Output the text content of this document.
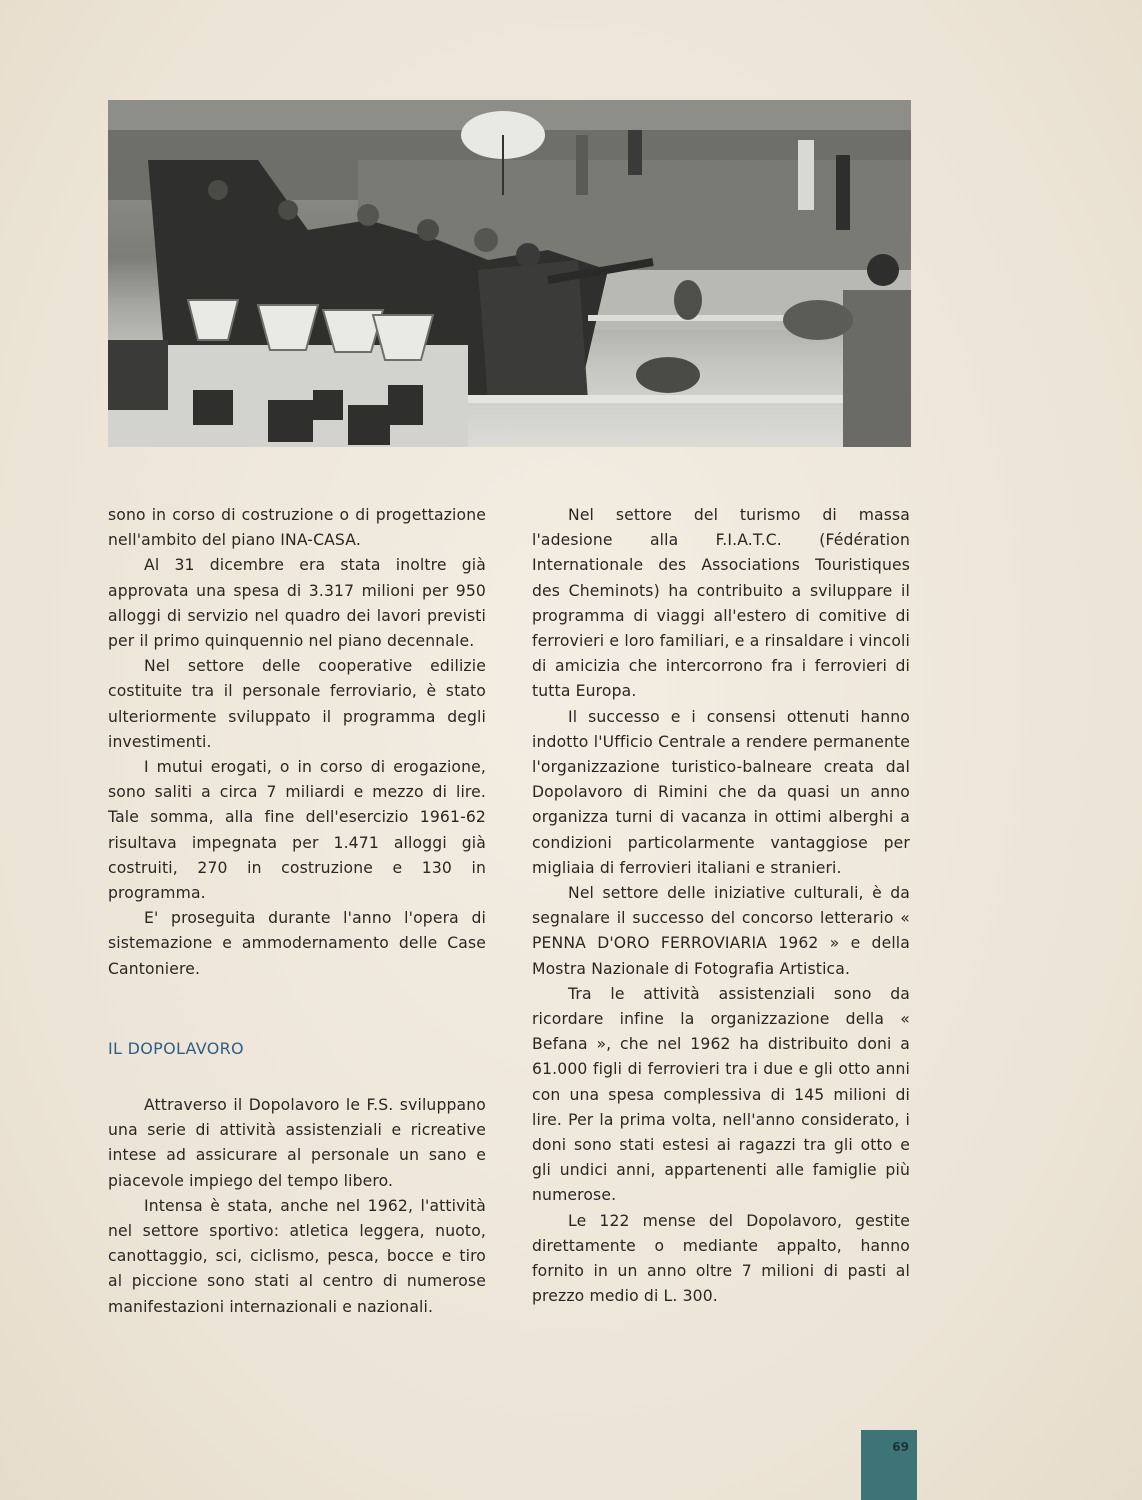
sono in corso di costruzione o di progettazione nell'ambito del piano INA-CASA.

Al 31 dicembre era stata inoltre già approvata una spesa di 3.317 milioni per 950 alloggi di servizio nel quadro dei lavori previsti per il primo quinquennio nel piano decennale.

Nel settore delle cooperative edilizie costituite tra il personale ferroviario, è stato ulteriormente sviluppato il programma degli investimenti.

I mutui erogati, o in corso di erogazione, sono saliti a circa 7 miliardi e mezzo di lire. Tale somma, alla fine dell'esercizio 1961-62 risultava impegnata per 1.471 alloggi già costruiti, 270 in costruzione e 130 in programma.

E' proseguita durante l'anno l'opera di sistemazione e ammodernamento delle Case Cantoniere.

IL DOPOLAVORO

Attraverso il Dopolavoro le F.S. sviluppano una serie di attività assistenziali e ricreative intese ad assicurare al personale un sano e piacevole impiego del tempo libero.

Intensa è stata, anche nel 1962, l'attività nel settore sportivo: atletica leggera, nuoto, canottaggio, sci, ciclismo, pesca, bocce e tiro al piccione sono stati al centro di numerose manifestazioni internazionali e nazionali.

Nel settore del turismo di massa l'adesione alla F.I.A.T.C. (Fédération Internationale des Associations Touristiques des Cheminots) ha contribuito a sviluppare il programma di viaggi all'estero di comitive di ferrovieri e loro familiari, e a rinsaldare i vincoli di amicizia che intercorrono fra i ferrovieri di tutta Europa.

Il successo e i consensi ottenuti hanno indotto l'Ufficio Centrale a rendere permanente l'organizzazione turistico-balneare creata dal Dopolavoro di Rimini che da quasi un anno organizza turni di vacanza in ottimi alberghi a condizioni particolarmente vantaggiose per migliaia di ferrovieri italiani e stranieri.

Nel settore delle iniziative culturali, è da segnalare il successo del concorso letterario « PENNA D'ORO FERROVIARIA 1962 » e della Mostra Nazionale di Fotografia Artistica.

Tra le attività assistenziali sono da ricordare infine la organizzazione della « Befana », che nel 1962 ha distribuito doni a 61.000 figli di ferrovieri tra i due e gli otto anni con una spesa complessiva di 145 milioni di lire. Per la prima volta, nell'anno considerato, i doni sono stati estesi ai ragazzi tra gli otto e gli undici anni, appartenenti alle famiglie più numerose.

Le 122 mense del Dopolavoro, gestite direttamente o mediante appalto, hanno fornito in un anno oltre 7 milioni di pasti al prezzo medio di L. 300.

69
